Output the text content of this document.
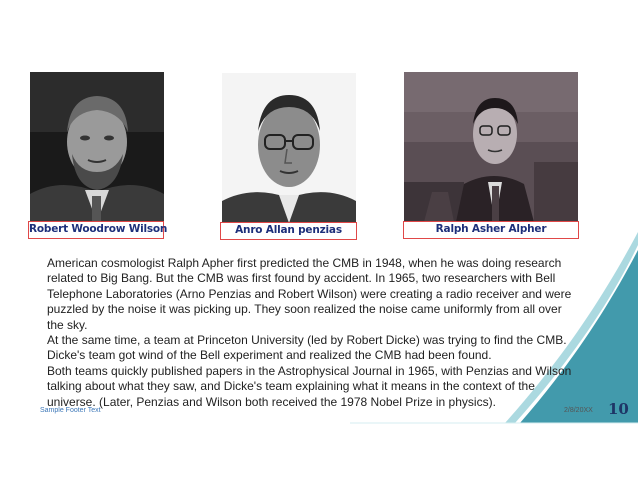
Robert Woodrow Wilson	Anro Allan penzias	Ralph Asher Alpher

American cosmologist Ralph Apher first predicted the CMB in 1948, when he was doing research related to Big Bang. But the CMB was first found by accident. In 1965, two researchers with Bell Telephone Laboratories (Arno Penzias and Robert Wilson) were creating a radio receiver and were puzzled by the noise it was picking up. They soon realized the noise came uniformly from all over the sky.

At the same time, a team at Princeton University (led by Robert Dicke) was trying to find the CMB. Dicke's team got wind of the Bell experiment and realized the CMB had been found.

Both teams quickly published papers in the Astrophysical Journal in 1965, with Penzias and Wilson talking about what they saw, and Dicke's team explaining what it means in the context of the universe. (Later, Penzias and Wilson both received the 1978 Nobel Prize in physics).

Sample Footer Text	2/8/20XX 10
